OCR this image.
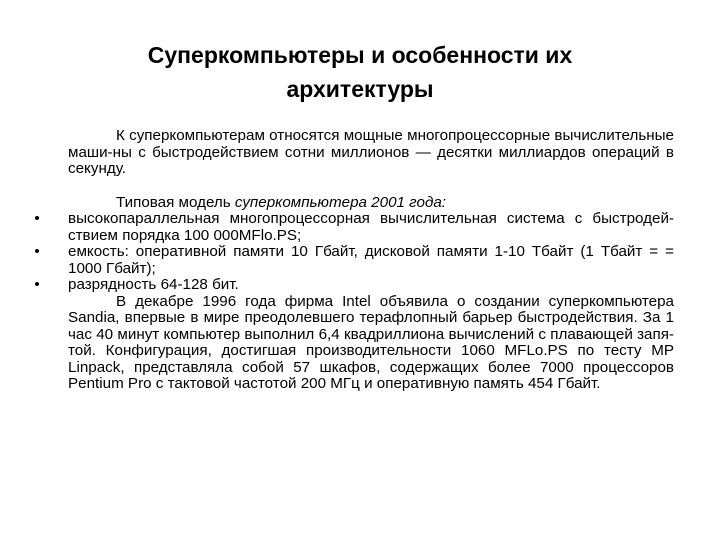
Суперкомпьютеры и особенности их
архитектуры

К суперкомпьютерам относятся мощные многопроцессорные вычислительные маши-ны с быстродействием сотни миллионов — десятки миллиардов операций в секунду.

Типовая модель суперкомпьютера 2001 года:

• высокопараллельная многопроцессорная вычислительная система с быстродей-ствием порядка 100 000MFlo.PS;
• емкость: оперативной памяти 10 Гбайт, дисковой памяти 1-10 Тбайт (1 Тбайт = = 1000 Гбайт);
• разрядность 64-128 бит.

В декабре 1996 года фирма Intel объявила о создании суперкомпьютера Sandia, впервые в мире преодолевшего терафлопный барьер быстродействия. За 1 час 40 минут компьютер выполнил 6,4 квадриллиона вычислений с плавающей запя-той. Конфигурация, достигшая производительности 1060 MFLo.PS по тесту MP Linpack, представляла собой 57 шкафов, содержащих более 7000 процессоров Pentium Pro с тактовой частотой 200 МГц и оперативную память 454 Гбайт.
